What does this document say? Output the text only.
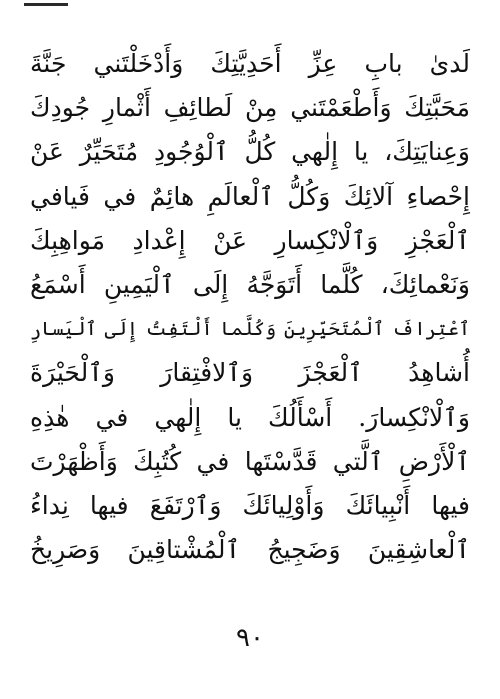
لَدىٰ بابِ عِزِّ أَحَدِيَّتِكَ وَأَدْخَلْتَني جَنَّةَ
مَحَبَّتِكَ وَأَطْعَمْتَني مِنْ لَطائِفِ أَثْمارِ جُودِكَ
وَعِنايَتِكَ، يا إِلٰهي كُلُّ ٱلْوُجُودِ مُتَحَيِّرٌ عَنْ
إِحْصاءِ آلائِكَ وَكُلُّ ٱلْعالَمِ هائِمٌ في فَيافي
ٱلْعَجْزِ وَٱلْانْكِسارِ عَنْ إِعْدادِ مَواهِبِكَ
وَنَعْمائِكَ، كُلَّما أَتَوَجَّهُ إِلَى ٱلْيَمِينِ أَسْمَعُ
ٱعْتِرافَ ٱلْمُتَحَيِّرِينَ وَكُلَّما أَلْتَفِتُ إِلَى ٱلْيَسارِ
أُشاهِدُ ٱلْعَجْزَ وَٱلافْتِقارَ وَٱلْحَيْرَةَ
وَٱلْانْكِسارَ. أَسْأَلُكَ يا إِلٰهي في هٰذِهِ
ٱلْأَرْضِ ٱلَّتي قَدَّسْتَها في كُتُبِكَ وَأَظْهَرْتَ
فيها أَنْبِيائَكَ وَأَوْلِيائَكَ وَٱرْتَفَعَ فيها نِداءُ
ٱلْعاشِقِينَ وَضَجِيجُ ٱلْمُشْتاقِينَ وَصَرِيخُ
٩٠
